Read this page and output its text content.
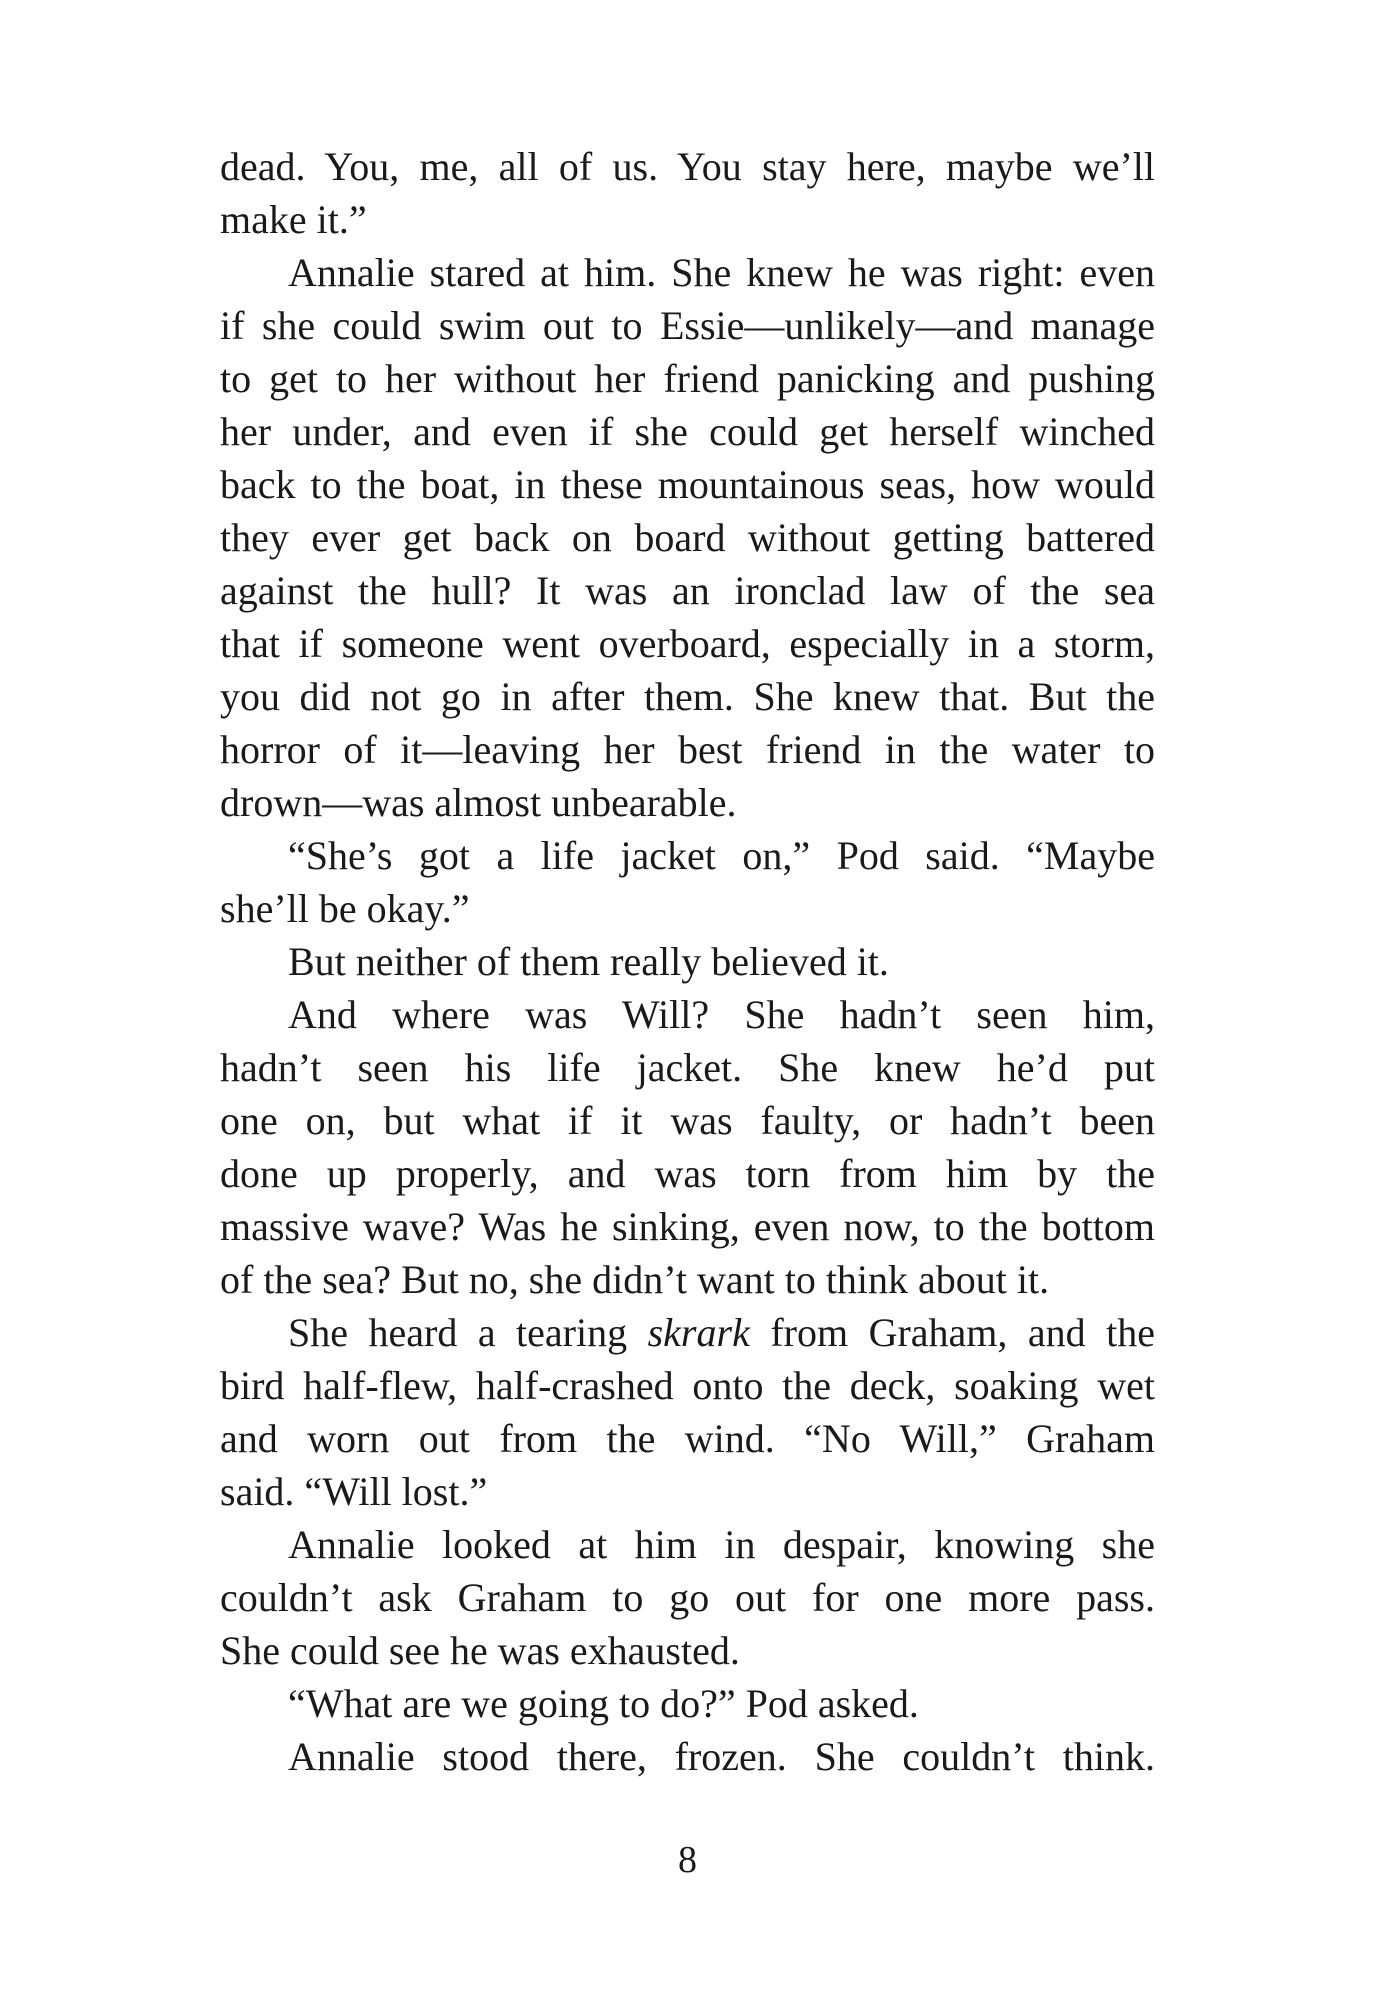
dead. You, me, all of us. You stay here, maybe we’ll
make it.”
Annalie stared at him. She knew he was right: even
if she could swim out to Essie—unlikely—and manage
to get to her without her friend panicking and pushing
her under, and even if she could get herself winched
back to the boat, in these mountainous seas, how would
they ever get back on board without getting battered
against the hull? It was an ironclad law of the sea
that if someone went overboard, especially in a storm,
you did not go in after them. She knew that. But the
horror of it—leaving her best friend in the water to
drown—was almost unbearable.
“She’s got a life jacket on,” Pod said. “Maybe
she’ll be okay.”
But neither of them really believed it.
And where was Will? She hadn’t seen him,
hadn’t seen his life jacket. She knew he’d put
one on, but what if it was faulty, or hadn’t been
done up properly, and was torn from him by the
massive wave? Was he sinking, even now, to the bottom
of the sea? But no, she didn’t want to think about it.
She heard a tearing skrark from Graham, and the
bird half-flew, half-crashed onto the deck, soaking wet
and worn out from the wind. “No Will,” Graham
said. “Will lost.”
Annalie looked at him in despair, knowing she
couldn’t ask Graham to go out for one more pass.
She could see he was exhausted.
“What are we going to do?” Pod asked.
Annalie stood there, frozen. She couldn’t think.
8
